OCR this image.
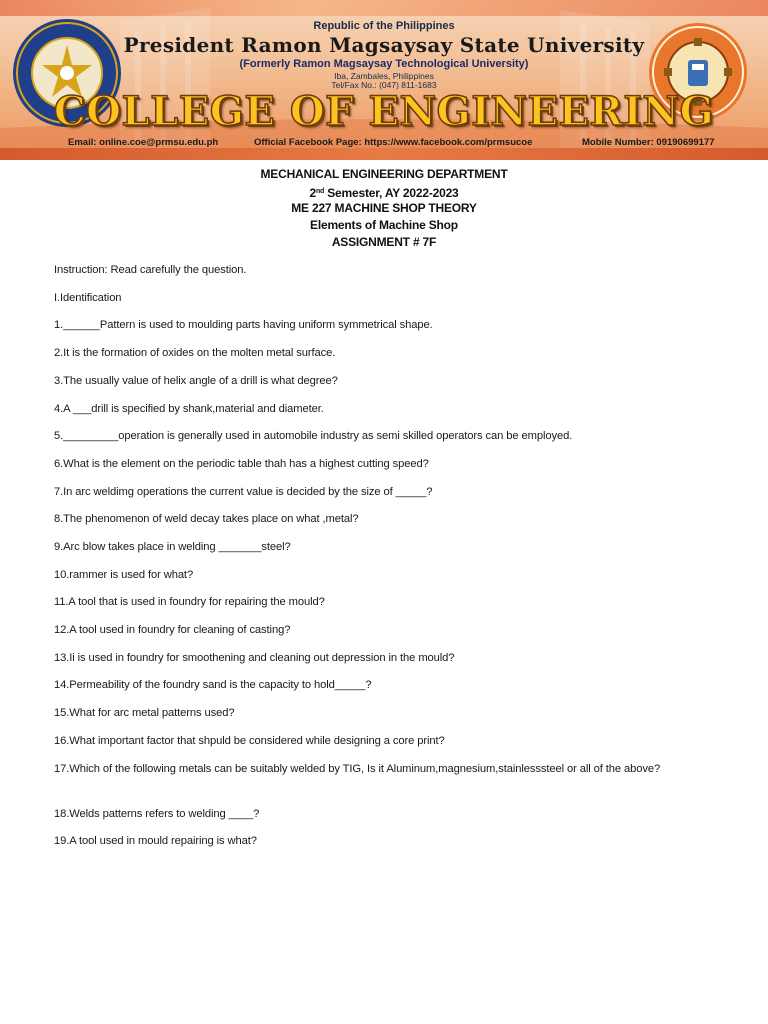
Republic of the Philippines
President Ramon Magsaysay State University
(Formerly Ramon Magsaysay Technological University)
Iba, Zambales, Philippines
Tel/Fax No.: (047) 811-1683
COLLEGE OF ENGINEERING
Email: online.coe@prmsu.edu.ph	Official Facebook Page: https://www.facebook.com/prmsucoe	Mobile Number: 09190699177
MECHANICAL ENGINEERING DEPARTMENT
2nd Semester, AY 2022-2023
ME 227 MACHINE SHOP THEORY
Elements of Machine Shop
ASSIGNMENT # 7F
Instruction: Read carefully the question.
I.Identification
1.______Pattern is used to moulding parts having uniform symmetrical shape.
2.It is the formation of oxides on the molten metal surface.
3.The usually value of helix angle of a drill is what degree?
4.A ___drill is specified by shank,material and diameter.
5._________operation is generally used in automobile industry as semi skilled operators can be employed.
6.What is the element on the periodic table thah has a highest cutting speed?
7.In arc weldimg operations the current value is decided by the size of _____?
8.The phenomenon of weld decay takes place on what ,metal?
9.Arc blow takes place in welding _______steel?
10.rammer is used for what?
11.A tool that is used in foundry for repairing the mould?
12.A tool used in foundry for cleaning of casting?
13.Ii is used in foundry for smoothening and cleaning out depression in the mould?
14.Permeability of the foundry sand is the capacity to hold_____?
15.What for arc metal patterns used?
16.What important factor that shpuld be considered while designing a core print?
17.Which of the following metals can be suitably welded by TIG, Is it Aluminum,magnesium,stainlesssteel or all of the above?
18.Welds patterns refers to welding ____?
19.A tool used in mould repairing is what?
